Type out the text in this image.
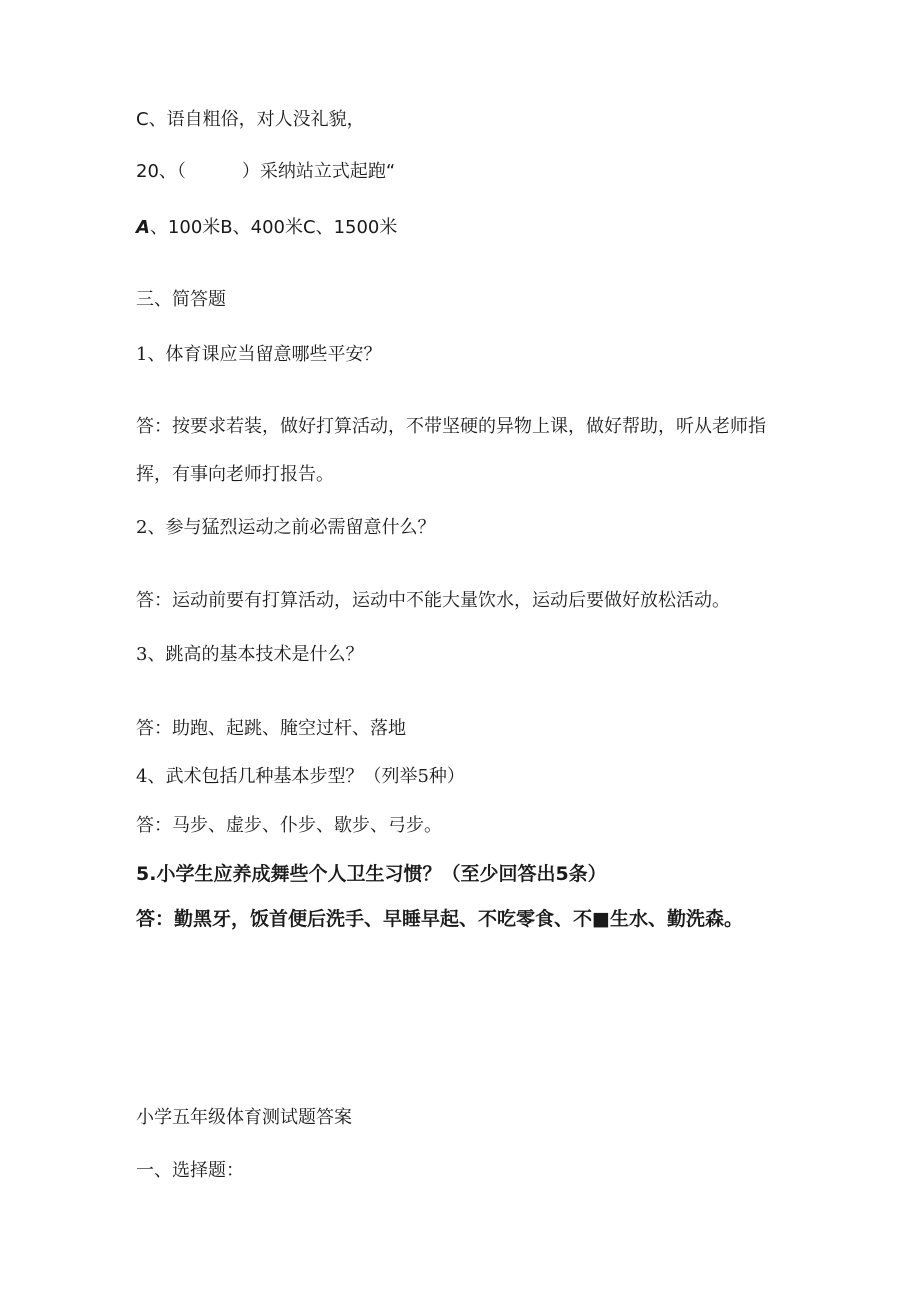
C、语自粗俗，对人没礼貌，
20、（	）采纳站立式起跑“
A、100米B、400米C、1500米
三、简答题
1、体育课应当留意哪些平安？
答：按要求若装，做好打算活动，不带坚硬的异物上课，做好帮助，听从老师指
挥，有事向老师打报告。
2、参与猛烈运动之前必需留意什么？
答：运动前要有打算活动，运动中不能大量饮水，运动后要做好放松活动。
3、跳高的基本技术是什么？
答：助跑、起跳、腌空过杆、落地
4、武术包括几种基本步型？（列举5种）
答：马步、虚步、仆步、歇步、弓步。
5.小学生应养成舞些个人卫生习惯？（至少回答出5条）
答：勤黑牙，饭首便后洗手、早睡早起、不吃零食、不■生水、勤洗森。
小学五年级体育测试题答案
一、选择题：
